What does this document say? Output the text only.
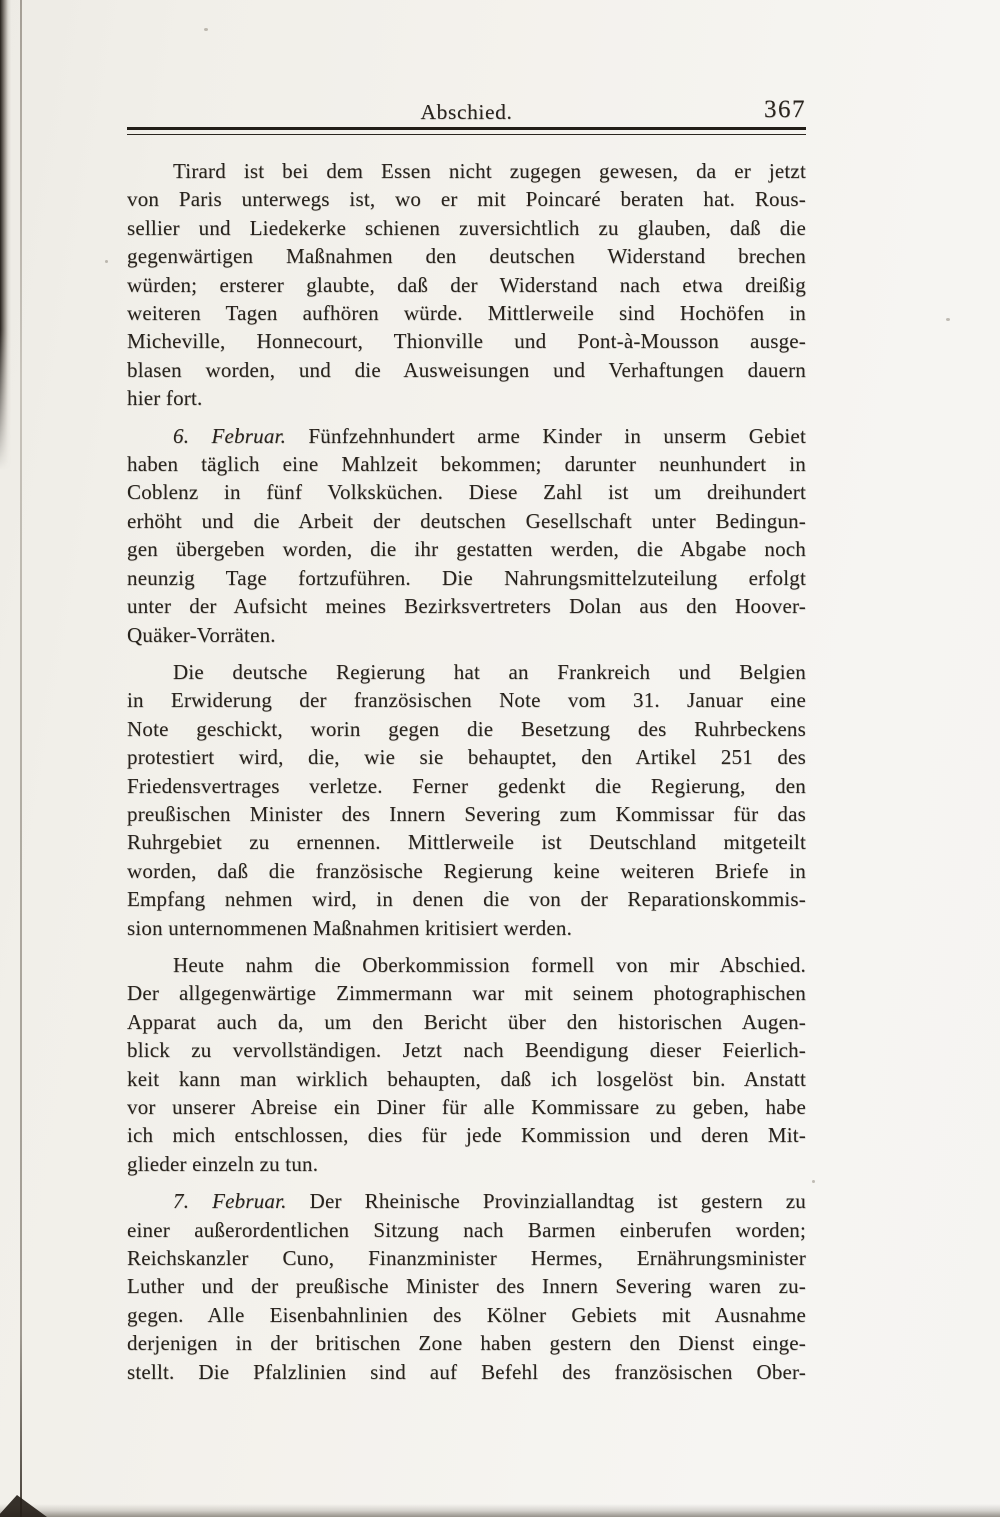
Abschied.	367
Tirard ist bei dem Essen nicht zugegen gewesen, da er jetzt
von Paris unterwegs ist, wo er mit Poincaré beraten hat. Rous-
sellier und Liedekerke schienen zuversichtlich zu glauben, daß die
gegenwärtigen Maßnahmen den deutschen Widerstand brechen
würden; ersterer glaubte, daß der Widerstand nach etwa dreißig
weiteren Tagen aufhören würde. Mittlerweile sind Hochöfen in
Micheville, Honnecourt, Thionville und Pont-à-Mousson ausge-
blasen worden, und die Ausweisungen und Verhaftungen dauern
hier fort.
6. Februar. Fünfzehnhundert arme Kinder in unserm Gebiet
haben täglich eine Mahlzeit bekommen; darunter neunhundert in
Coblenz in fünf Volksküchen. Diese Zahl ist um dreihundert
erhöht und die Arbeit der deutschen Gesellschaft unter Bedingun-
gen übergeben worden, die ihr gestatten werden, die Abgabe noch
neunzig Tage fortzuführen. Die Nahrungsmittelzuteilung erfolgt
unter der Aufsicht meines Bezirksvertreters Dolan aus den Hoover-
Quäker-Vorräten.
Die deutsche Regierung hat an Frankreich und Belgien
in Erwiderung der französischen Note vom 31. Januar eine
Note geschickt, worin gegen die Besetzung des Ruhrbeckens
protestiert wird, die, wie sie behauptet, den Artikel 251 des
Friedensvertrages verletze. Ferner gedenkt die Regierung, den
preußischen Minister des Innern Severing zum Kommissar für das
Ruhrgebiet zu ernennen. Mittlerweile ist Deutschland mitgeteilt
worden, daß die französische Regierung keine weiteren Briefe in
Empfang nehmen wird, in denen die von der Reparationskommis-
sion unternommenen Maßnahmen kritisiert werden.
Heute nahm die Oberkommission formell von mir Abschied.
Der allgegenwärtige Zimmermann war mit seinem photographischen
Apparat auch da, um den Bericht über den historischen Augen-
blick zu vervollständigen. Jetzt nach Beendigung dieser Feierlich-
keit kann man wirklich behaupten, daß ich losgelöst bin. Anstatt
vor unserer Abreise ein Diner für alle Kommissare zu geben, habe
ich mich entschlossen, dies für jede Kommission und deren Mit-
glieder einzeln zu tun.
7. Februar. Der Rheinische Provinziallandtag ist gestern zu
einer außerordentlichen Sitzung nach Barmen einberufen worden;
Reichskanzler Cuno, Finanzminister Hermes, Ernährungsminister
Luther und der preußische Minister des Innern Severing waren zu-
gegen. Alle Eisenbahnlinien des Kölner Gebiets mit Ausnahme
derjenigen in der britischen Zone haben gestern den Dienst einge-
stellt. Die Pfalzlinien sind auf Befehl des französischen Ober-
